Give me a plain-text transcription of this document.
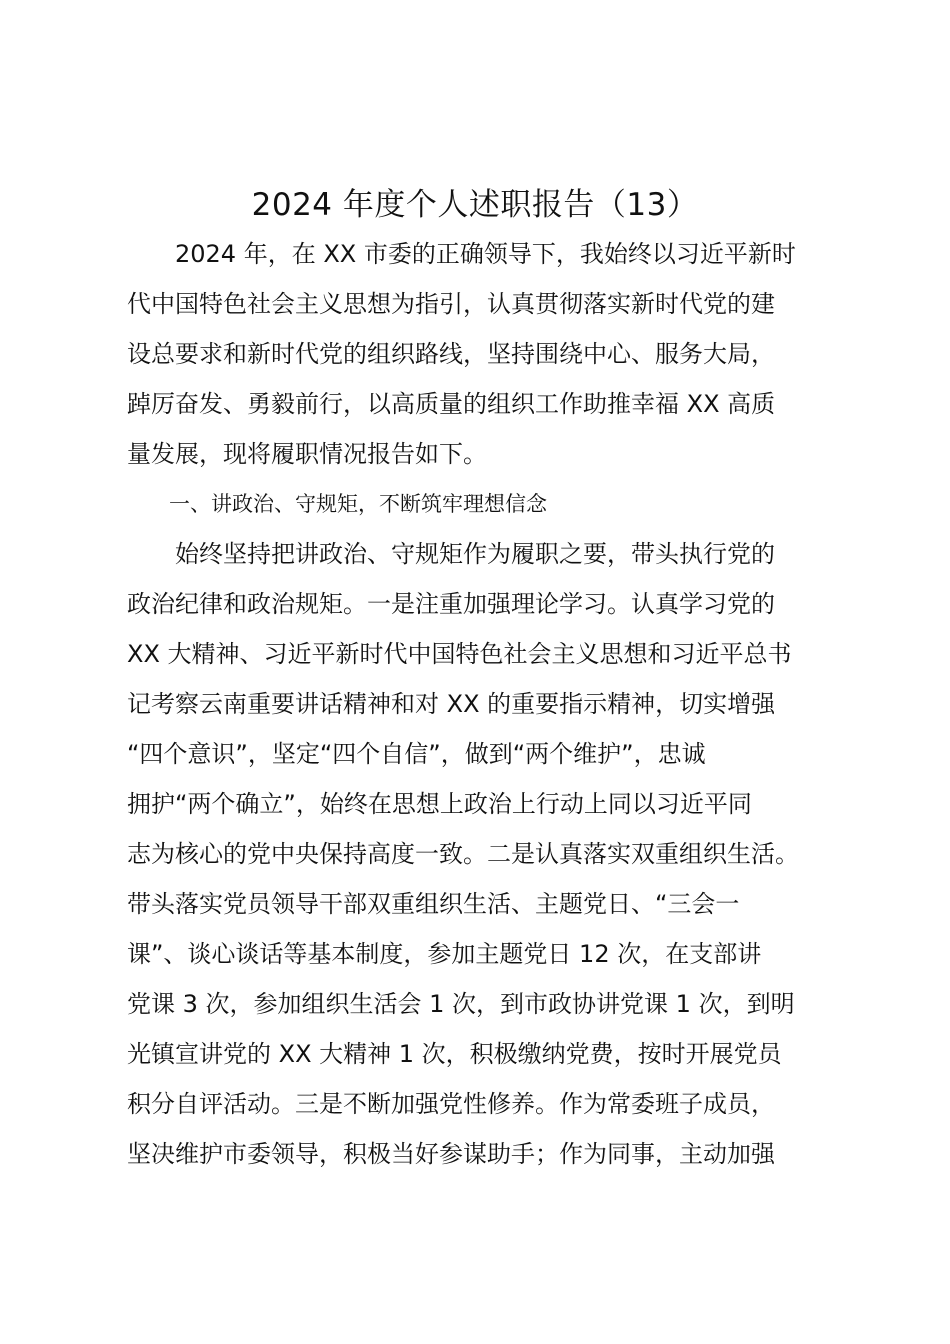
2024 年度个人述职报告（13）
　　2024 年，在 XX 市委的正确领导下，我始终以习近平新时
代中国特色社会主义思想为指引，认真贯彻落实新时代党的建
设总要求和新时代党的组织路线，坚持围绕中心、服务大局，
踔厉奋发、勇毅前行，以高质量的组织工作助推幸福 XX 高质
量发展，现将履职情况报告如下。
　　一、讲政治、守规矩，不断筑牢理想信念
　　始终坚持把讲政治、守规矩作为履职之要，带头执行党的
政治纪律和政治规矩。一是注重加强理论学习。认真学习党的
XX 大精神、习近平新时代中国特色社会主义思想和习近平总书
记考察云南重要讲话精神和对 XX 的重要指示精神，切实增强
“四个意识”，坚定“四个自信”，做到“两个维护”，忠诚
拥护“两个确立”，始终在思想上政治上行动上同以习近平同
志为核心的党中央保持高度一致。二是认真落实双重组织生活。
带头落实党员领导干部双重组织生活、主题党日、“三会一
课”、谈心谈话等基本制度，参加主题党日 12 次，在支部讲
党课 3 次，参加组织生活会 1 次，到市政协讲党课 1 次，到明
光镇宣讲党的 XX 大精神 1 次，积极缴纳党费，按时开展党员
积分自评活动。三是不断加强党性修养。作为常委班子成员，
坚决维护市委领导，积极当好参谋助手；作为同事，主动加强
